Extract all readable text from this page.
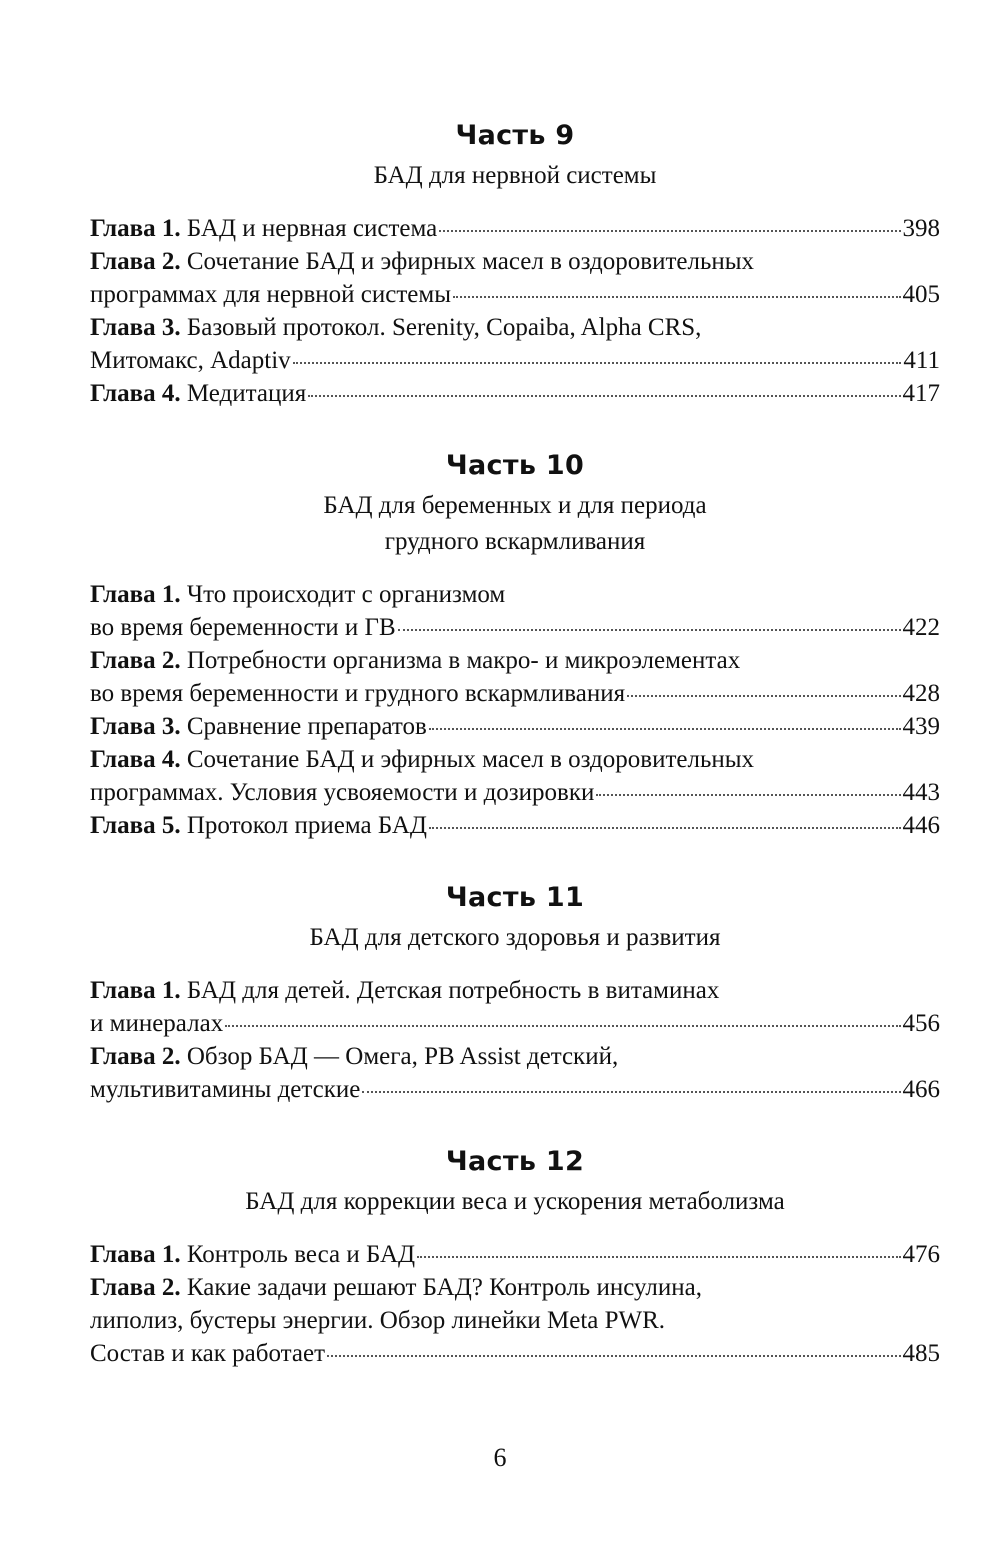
Часть 9
БАД для нервной системы
Глава 1. БАД и нервная система	398
Глава 2. Сочетание БАД и эфирных масел в оздоровительных
программах для нервной системы	405
Глава 3. Базовый протокол. Serenity, Copaiba, Alpha CRS,
Митомакс, Adaptiv	411
Глава 4. Медитация	417
Часть 10
БАД для беременных и для периода
грудного вскармливания
Глава 1. Что происходит с организмом
во время беременности и ГВ	422
Глава 2. Потребности организма в макро- и микроэлементах
во время беременности и грудного вскармливания	428
Глава 3. Сравнение препаратов	439
Глава 4. Сочетание БАД и эфирных масел в оздоровительных
программах. Условия усвояемости и дозировки	443
Глава 5. Протокол приема БАД	446
Часть 11
БАД для детского здоровья и развития
Глава 1. БАД для детей. Детская потребность в витаминах
и минералах	456
Глава 2. Обзор БАД — Омега, PB Assist детский,
мультивитамины детские	466
Часть 12
БАД для коррекции веса и ускорения метаболизма
Глава 1. Контроль веса и БАД	476
Глава 2. Какие задачи решают БАД? Контроль инсулина,
липолиз, бустеры энергии. Обзор линейки Meta PWR.
Состав и как работает	485
6
